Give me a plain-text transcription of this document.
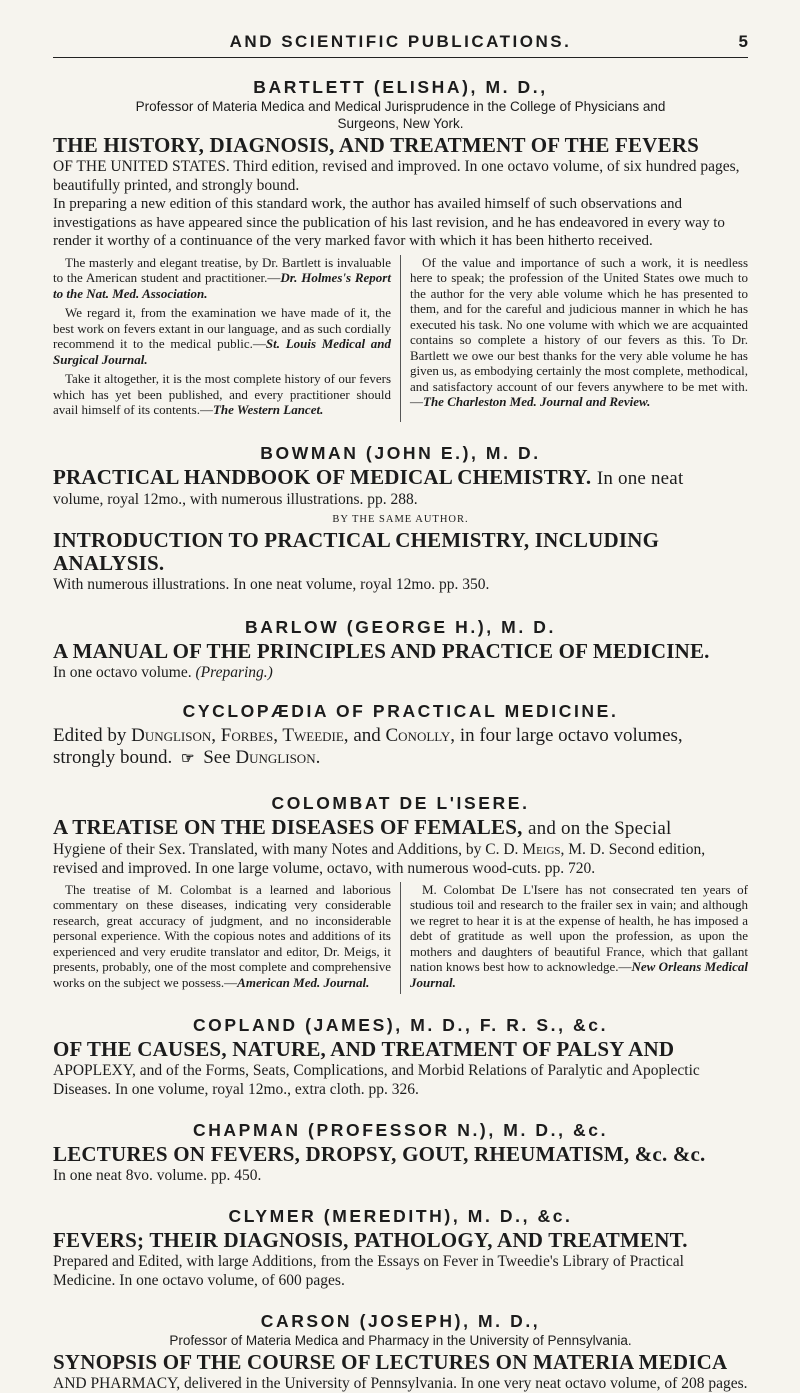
AND SCIENTIFIC PUBLICATIONS.	5

BARTLETT (ELISHA), M. D.,

Professor of Materia Medica and Medical Jurisprudence in the College of Physicians and

Surgeons, New York.

THE HISTORY, DIAGNOSIS, AND TREATMENT OF THE FEVERS

OF THE UNITED STATES. Third edition, revised and improved. In one octavo volume, of six hundred pages, beautifully printed, and strongly bound.

In preparing a new edition of this standard work, the author has availed himself of such observations and investigations as have appeared since the publication of his last revision, and he has endeavored in every way to render it worthy of a continuance of the very marked favor with which it has been hitherto received.

The masterly and elegant treatise, by Dr. Bartlett is invaluable to the American student and practitioner.—Dr. Holmes's Report to the Nat. Med. Association.

We regard it, from the examination we have made of it, the best work on fevers extant in our language, and as such cordially recommend it to the medical public.—St. Louis Medical and Surgical Journal.

Take it altogether, it is the most complete history of our fevers which has yet been published, and every practitioner should avail himself of its contents.—The Western Lancet.

Of the value and importance of such a work, it is needless here to speak; the profession of the United States owe much to the author for the very able volume which he has presented to them, and for the careful and judicious manner in which he has executed his task. No one volume with which we are acquainted contains so complete a history of our fevers as this. To Dr. Bartlett we owe our best thanks for the very able volume he has given us, as embodying certainly the most complete, methodical, and satisfactory account of our fevers anywhere to be met with.—The Charleston Med. Journal and Review.

BOWMAN (JOHN E.), M. D.

PRACTICAL HANDBOOK OF MEDICAL CHEMISTRY. In one neat

volume, royal 12mo., with numerous illustrations. pp. 288.

BY THE SAME AUTHOR.

INTRODUCTION TO PRACTICAL CHEMISTRY, INCLUDING ANALYSIS.

With numerous illustrations. In one neat volume, royal 12mo. pp. 350.

BARLOW (GEORGE H.), M. D.

A MANUAL OF THE PRINCIPLES AND PRACTICE OF MEDICINE.

In one octavo volume. (Preparing.)

CYCLOPÆDIA OF PRACTICAL MEDICINE.

Edited by Dunglison, Forbes, Tweedie, and Conolly, in four large octavo volumes, strongly bound. ☞ See Dunglison.

COLOMBAT DE L'ISERE.

A TREATISE ON THE DISEASES OF FEMALES, and on the Special

Hygiene of their Sex. Translated, with many Notes and Additions, by C. D. Meigs, M. D. Second edition, revised and improved. In one large volume, octavo, with numerous wood-cuts. pp. 720.

The treatise of M. Colombat is a learned and laborious commentary on these diseases, indicating very considerable research, great accuracy of judgment, and no inconsiderable personal experience. With the copious notes and additions of its experienced and very erudite translator and editor, Dr. Meigs, it presents, probably, one of the most complete and comprehensive works on the subject we possess.—American Med. Journal.

M. Colombat De L'Isere has not consecrated ten years of studious toil and research to the frailer sex in vain; and although we regret to hear it is at the expense of health, he has imposed a debt of gratitude as well upon the profession, as upon the mothers and daughters of beautiful France, which that gallant nation knows best how to acknowledge.—New Orleans Medical Journal.

COPLAND (JAMES), M. D., F. R. S., &c.

OF THE CAUSES, NATURE, AND TREATMENT OF PALSY AND

APOPLEXY, and of the Forms, Seats, Complications, and Morbid Relations of Paralytic and Apoplectic Diseases. In one volume, royal 12mo., extra cloth. pp. 326.

CHAPMAN (PROFESSOR N.), M. D., &c.

LECTURES ON FEVERS, DROPSY, GOUT, RHEUMATISM, &c. &c.

In one neat 8vo. volume. pp. 450.

CLYMER (MEREDITH), M. D., &c.

FEVERS; THEIR DIAGNOSIS, PATHOLOGY, AND TREATMENT.

Prepared and Edited, with large Additions, from the Essays on Fever in Tweedie's Library of Practical Medicine. In one octavo volume, of 600 pages.

CARSON (JOSEPH), M. D.,

Professor of Materia Medica and Pharmacy in the University of Pennsylvania.

SYNOPSIS OF THE COURSE OF LECTURES ON MATERIA MEDICA

AND PHARMACY, delivered in the University of Pennsylvania. In one very neat octavo volume, of 208 pages.
